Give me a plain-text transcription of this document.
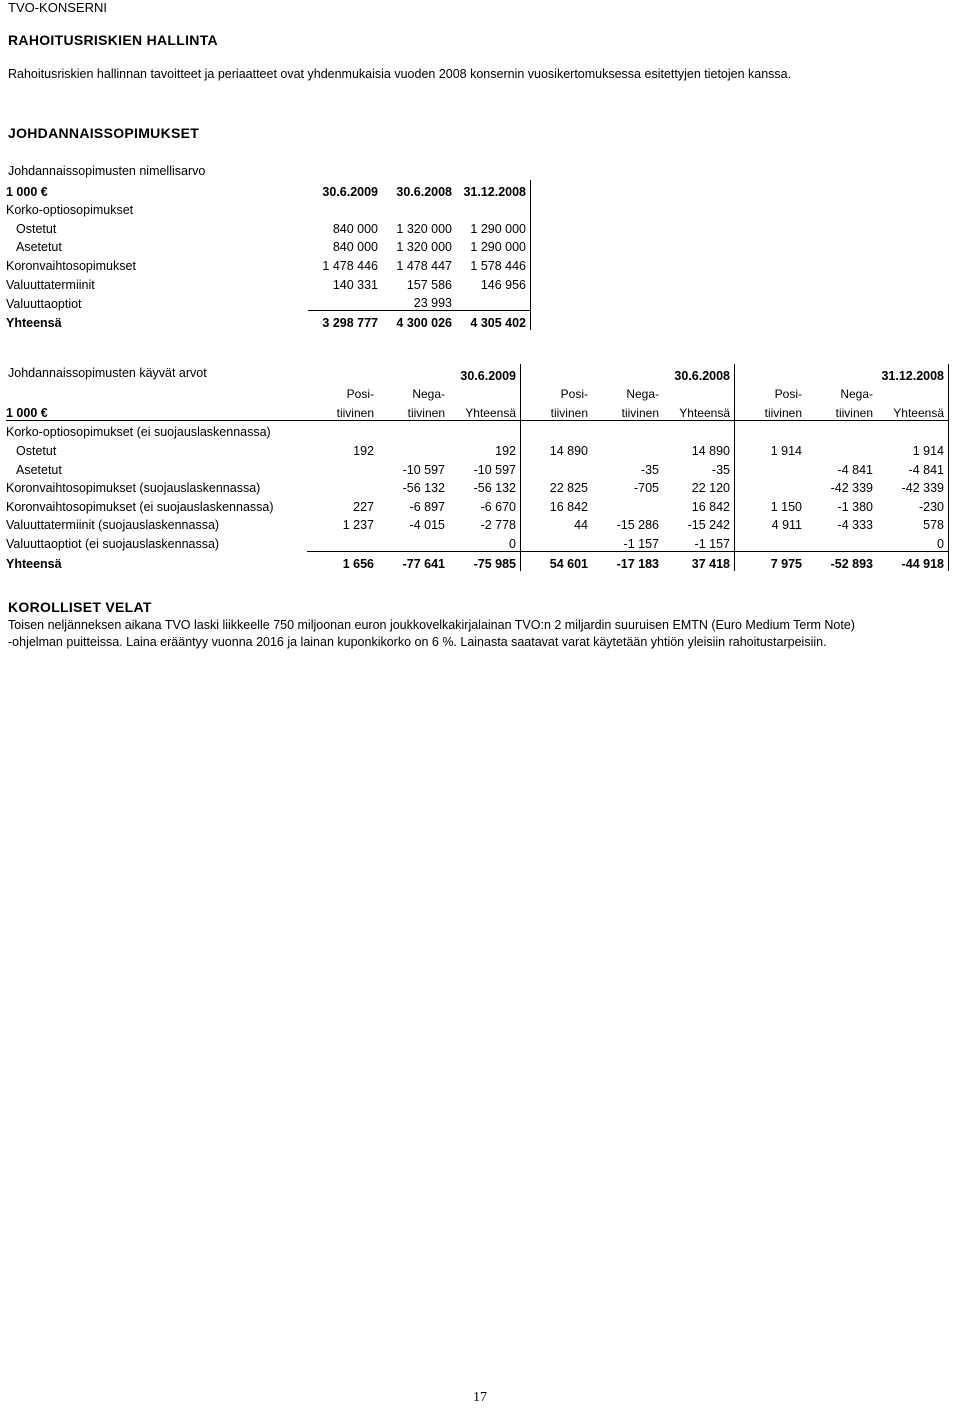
TVO-KONSERNI
RAHOITUSRISKIEN HALLINTA
Rahoitusriskien hallinnan tavoitteet ja periaatteet ovat yhdenmukaisia vuoden 2008 konsernin vuosikertomuksessa esitettyjen tietojen kanssa.
JOHDANNAISSOPIMUKSET
Johdannaissopimusten nimellisarvo
1 000 €	30.6.2009	30.6.2008	31.12.2008
Korko-optiosopimukset			
Ostetut	840 000	1 320 000	1 290 000
Asetetut	840 000	1 320 000	1 290 000
Koronvaihtosopimukset	1 478 446	1 478 447	1 578 446
Valuuttatermiinit	140 331	157 586	146 956
Valuuttaoptiot		23 993	
Yhteensä	3 298 777	4 300 026	4 305 402
Johdannaissopimusten käyvät arvot
				30.6.2009			30.6.2008			31.12.2008
	Posi-	Nega-		Posi-	Nega-		Posi-	Nega-	
1 000 €	tiivinen	tiivinen	Yhteensä	tiivinen	tiivinen	Yhteensä	tiivinen	tiivinen	Yhteensä
Korko-optiosopimukset (ei suojauslaskennassa)									
Ostetut	192		192	14 890		14 890	1 914		1 914
Asetetut		-10 597	-10 597		-35	-35		-4 841	-4 841
Koronvaihtosopimukset (suojauslaskennassa)		-56 132	-56 132	22 825	-705	22 120		-42 339	-42 339
Koronvaihtosopimukset (ei suojauslaskennassa)	227	-6 897	-6 670	16 842		16 842	1 150	-1 380	-230
Valuuttatermiinit (suojauslaskennassa)	1 237	-4 015	-2 778	44	-15 286	-15 242	4 911	-4 333	578
Valuuttaoptiot (ei suojauslaskennassa)			0		-1 157	-1 157			0
Yhteensä	1 656	-77 641	-75 985	54 601	-17 183	37 418	7 975	-52 893	-44 918
KOROLLISET VELAT
Toisen neljänneksen aikana TVO laski liikkeelle 750 miljoonan euron joukkovelkakirjalainan TVO:n 2 miljardin suuruisen EMTN (Euro Medium Term Note)
-ohjelman puitteissa. Laina erääntyy vuonna 2016 ja lainan kuponkikorko on 6 %. Lainasta saatavat varat käytetään yhtiön yleisiin rahoitustarpeisiin.
17
